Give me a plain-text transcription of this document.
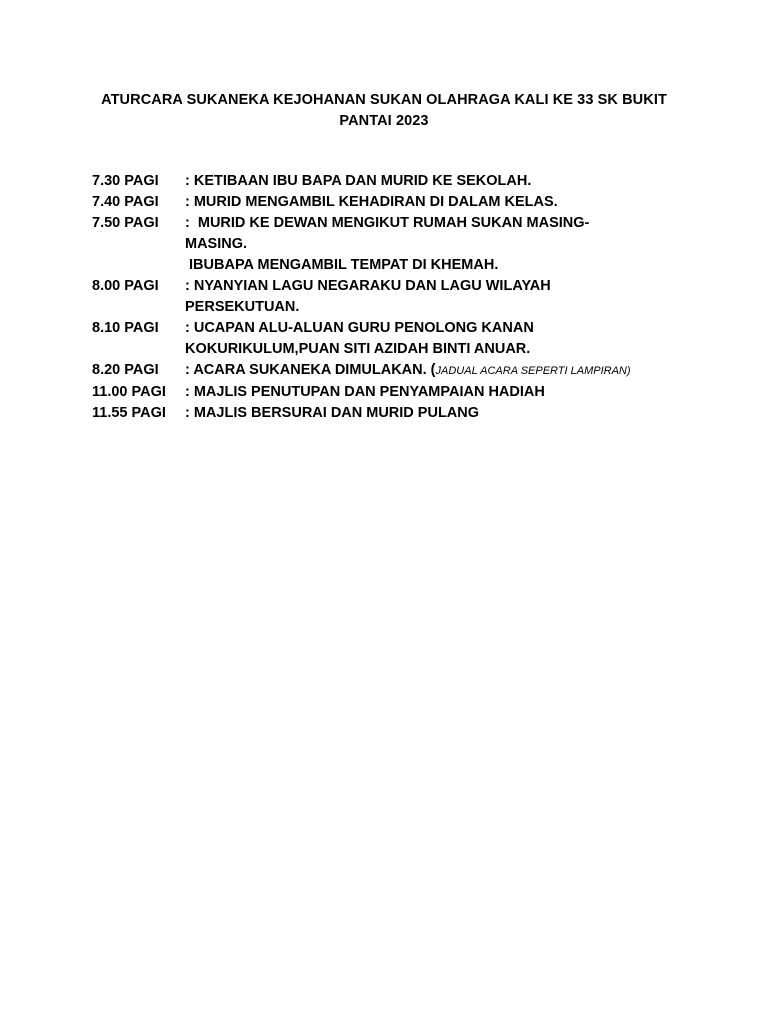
ATURCARA SUKANEKA KEJOHANAN SUKAN OLAHRAGA KALI KE 33 SK BUKIT
PANTAI 2023
7.30 PAGI	: KETIBAAN IBU BAPA DAN MURID KE SEKOLAH.
7.40 PAGI	: MURID MENGAMBIL KEHADIRAN DI DALAM KELAS.
7.50 PAGI	:  MURID KE DEWAN MENGIKUT RUMAH SUKAN MASING-
MASING.
IBUBAPA MENGAMBIL TEMPAT DI KHEMAH.
8.00 PAGI	: NYANYIAN LAGU NEGARAKU DAN LAGU WILAYAH
PERSEKUTUAN.
8.10 PAGI	: UCAPAN ALU-ALUAN GURU PENOLONG KANAN
KOKURIKULUM,PUAN SITI AZIDAH BINTI ANUAR.
8.20 PAGI	: ACARA SUKANEKA DIMULAKAN. (JADUAL ACARA SEPERTI LAMPIRAN)
11.00 PAGI	: MAJLIS PENUTUPAN DAN PENYAMPAIAN HADIAH
11.55 PAGI	: MAJLIS BERSURAI DAN MURID PULANG
